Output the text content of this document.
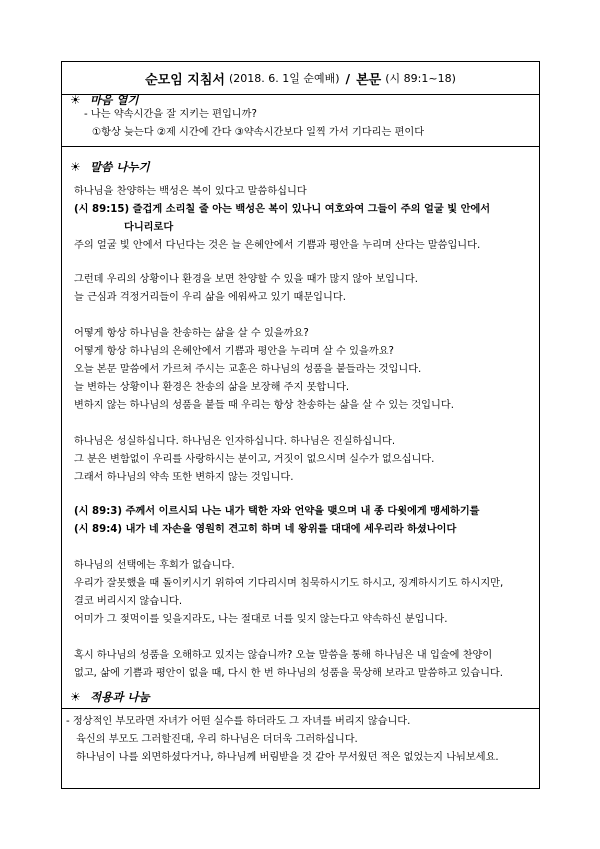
순모임 지침서 (2018. 6. 1일 순예배) / 본문 (시 89:1~18)
☀ 마음 열기
- 나는 약속시간을 잘 지키는 편입니까?
①항상 늦는다 ②제 시간에 간다 ③약속시간보다 일찍 가서 기다리는 편이다
☀ 말씀 나누기
하나님을 찬양하는 백성은 복이 있다고 말씀하십니다
(시 89:15) 즐겁게 소리칠 줄 아는 백성은 복이 있나니 여호와여 그들이 주의 얼굴 빛 안에서
다니리로다
주의 얼굴 빛 안에서 다닌다는 것은 늘 은혜안에서 기쁨과 평안을 누리며 산다는 말씀입니다.
그런데 우리의 상황이나 환경을 보면 찬양할 수 있을 때가 많지 않아 보입니다.
늘 근심과 걱정거리들이 우리 삶을 에워싸고 있기 때문입니다.
어떻게 항상 하나님을 찬송하는 삶을 살 수 있을까요?
어떻게 항상 하나님의 은혜안에서 기쁨과 평안을 누리며 살 수 있을까요?
오늘 본문 말씀에서 가르쳐 주시는 교훈은 하나님의 성품을 붙들라는 것입니다.
늘 변하는 상황이나 환경은 찬송의 삶을 보장해 주지 못합니다.
변하지 않는 하나님의 성품을 붙들 때 우리는 항상 찬송하는 삶을 살 수 있는 것입니다.
하나님은 성실하십니다. 하나님은 인자하십니다. 하나님은 진실하십니다.
그 분은 변함없이 우리를 사랑하시는 분이고, 거짓이 없으시며 실수가 없으십니다.
그래서 하나님의 약속 또한 변하지 않는 것입니다.
(시 89:3) 주께서 이르시되 나는 내가 택한 자와 언약을 맺으며 내 종 다윗에게 맹세하기를
(시 89:4) 내가 네 자손을 영원히 견고히 하며 네 왕위를 대대에 세우리라 하셨나이다
하나님의 선택에는 후회가 없습니다.
우리가 잘못했을 때 돌이키시기 위하여 기다리시며 침묵하시기도 하시고, 징계하시기도 하시지만,
결코 버리시지 않습니다.
어미가 그 젖먹이를 잊을지라도, 나는 절대로 너를 잊지 않는다고 약속하신 분입니다.
혹시 하나님의 성품을 오해하고 있지는 않습니까? 오늘 말씀을 통해 하나님은 내 입술에 찬양이
없고, 삶에 기쁨과 평안이 없을 때, 다시 한 번 하나님의 성품을 묵상해 보라고 말씀하고 있습니다.
☀ 적용과 나눔
- 정상적인 부모라면 자녀가 어떤 실수를 하더라도 그 자녀를 버리지 않습니다.
육신의 부모도 그러할진대, 우리 하나님은 더더욱 그러하십니다.
하나님이 나를 외면하셨다거나, 하나님께 버림받을 것 같아 무서웠던 적은 없었는지 나눠보세요.
